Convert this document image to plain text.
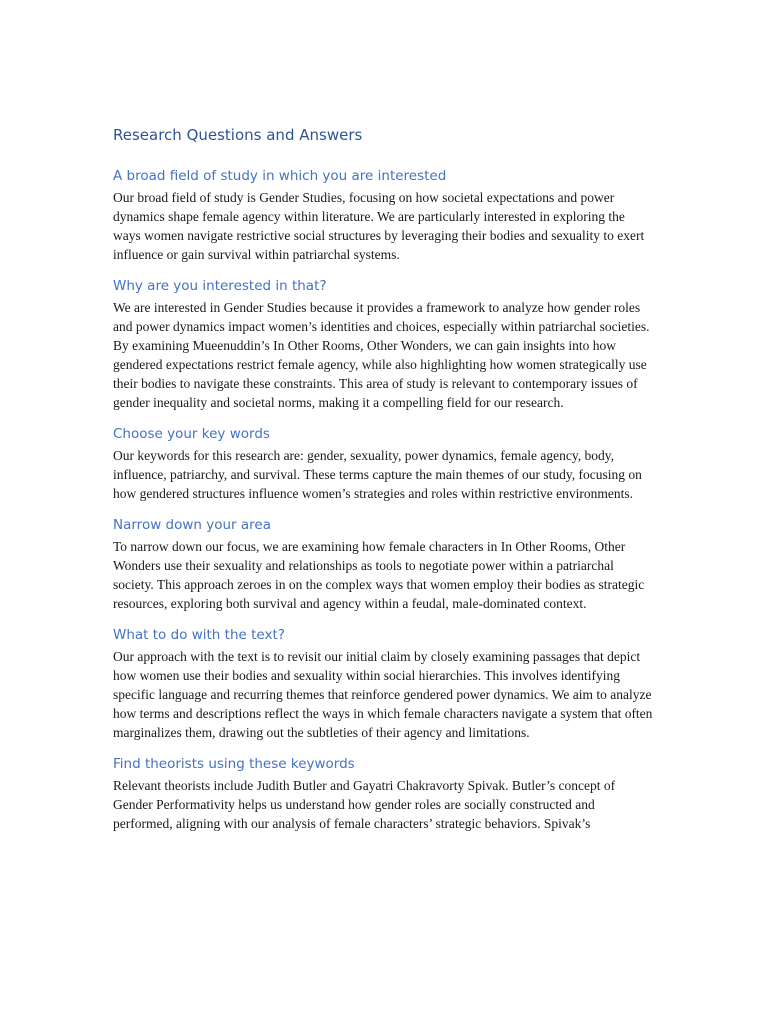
Research Questions and Answers
A broad field of study in which you are interested

Our broad field of study is Gender Studies, focusing on how societal expectations and power dynamics shape female agency within literature. We are particularly interested in exploring the ways women navigate restrictive social structures by leveraging their bodies and sexuality to exert influence or gain survival within patriarchal systems.

Why are you interested in that?

We are interested in Gender Studies because it provides a framework to analyze how gender roles and power dynamics impact women’s identities and choices, especially within patriarchal societies. By examining Mueenuddin’s In Other Rooms, Other Wonders, we can gain insights into how gendered expectations restrict female agency, while also highlighting how women strategically use their bodies to navigate these constraints. This area of study is relevant to contemporary issues of gender inequality and societal norms, making it a compelling field for our research.

Choose your key words

Our keywords for this research are: gender, sexuality, power dynamics, female agency, body, influence, patriarchy, and survival. These terms capture the main themes of our study, focusing on how gendered structures influence women’s strategies and roles within restrictive environments.

Narrow down your area

To narrow down our focus, we are examining how female characters in In Other Rooms, Other Wonders use their sexuality and relationships as tools to negotiate power within a patriarchal society. This approach zeroes in on the complex ways that women employ their bodies as strategic resources, exploring both survival and agency within a feudal, male-dominated context.

What to do with the text?

Our approach with the text is to revisit our initial claim by closely examining passages that depict how women use their bodies and sexuality within social hierarchies. This involves identifying specific language and recurring themes that reinforce gendered power dynamics. We aim to analyze how terms and descriptions reflect the ways in which female characters navigate a system that often marginalizes them, drawing out the subtleties of their agency and limitations.

Find theorists using these keywords

Relevant theorists include Judith Butler and Gayatri Chakravorty Spivak. Butler’s concept of Gender Performativity helps us understand how gender roles are socially constructed and performed, aligning with our analysis of female characters’ strategic behaviors. Spivak’s
